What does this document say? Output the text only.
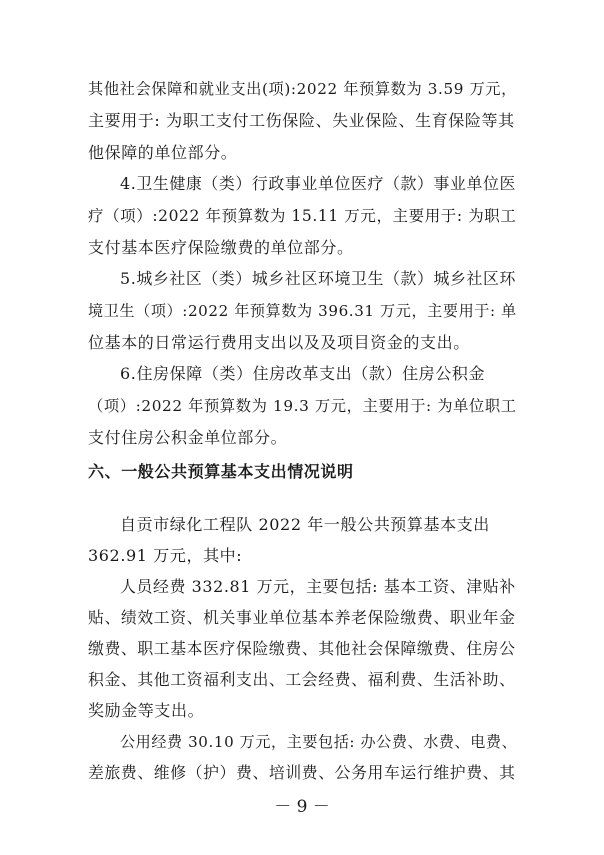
其他社会保障和就业支出(项):2022 年预算数为 3.59 万元，
主要用于: 为职工支付工伤保险、失业保险、生育保险等其
他保障的单位部分。
4.卫生健康（类）行政事业单位医疗（款）事业单位医
疗（项）:2022 年预算数为 15.11 万元，主要用于: 为职工
支付基本医疗保险缴费的单位部分。
5.城乡社区（类）城乡社区环境卫生（款）城乡社区环
境卫生（项）:2022 年预算数为 396.31 万元，主要用于: 单
位基本的日常运行费用支出以及及项目资金的支出。
6.住房保障（类）住房改革支出（款）住房公积金
（项）:2022 年预算数为 19.3 万元，主要用于: 为单位职工
支付住房公积金单位部分。
六、一般公共预算基本支出情况说明
自贡市绿化工程队 2022 年一般公共预算基本支出
362.91 万元，其中:
人员经费 332.81 万元，主要包括: 基本工资、津贴补
贴、绩效工资、机关事业单位基本养老保险缴费、职业年金
缴费、职工基本医疗保险缴费、其他社会保障缴费、住房公
积金、其他工资福利支出、工会经费、福利费、生活补助、
奖励金等支出。
公用经费 30.10 万元，主要包括: 办公费、水费、电费、
差旅费、维修（护）费、培训费、公务用车运行维护费、其
－ 9 －
